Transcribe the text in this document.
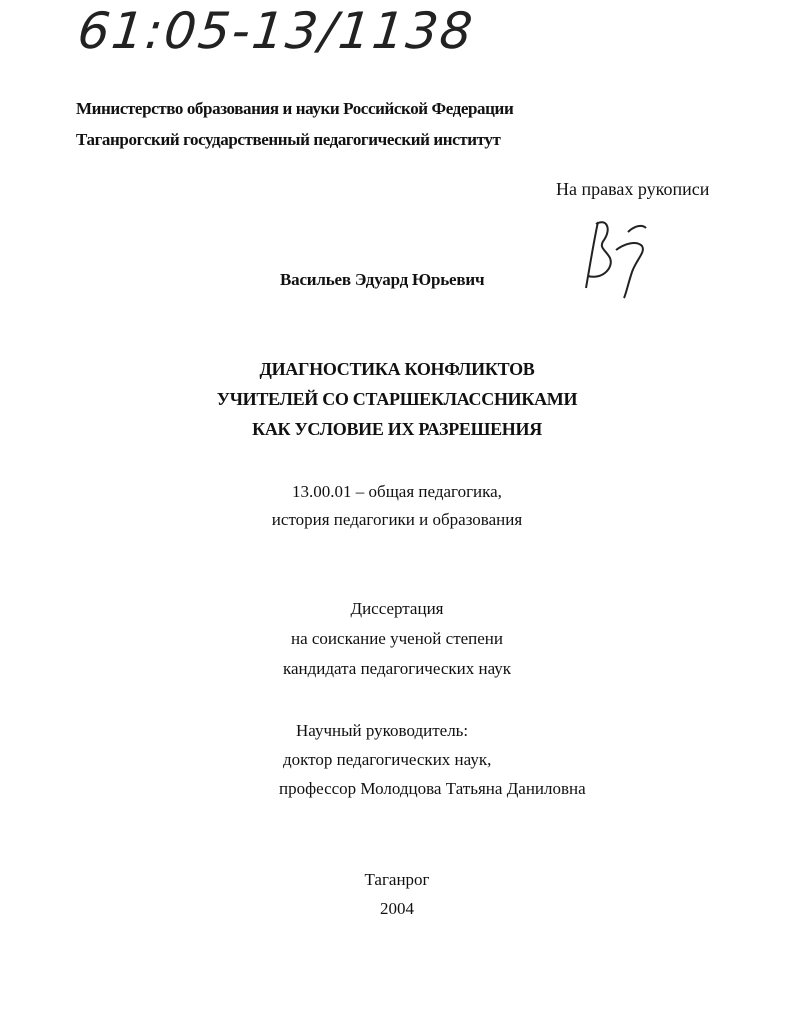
61:05-13/1138
Министерство образования и науки Российской Федерации
Таганрогский государственный педагогический институт
На правах рукописи
Васильев Эдуард Юрьевич
ДИАГНОСТИКА КОНФЛИКТОВ
УЧИТЕЛЕЙ СО СТАРШЕКЛАССНИКАМИ
КАК УСЛОВИЕ ИХ РАЗРЕШЕНИЯ
13.00.01 – общая педагогика,
история педагогики и образования
Диссертация
на соискание ученой степени
кандидата педагогических наук
Научный руководитель:
доктор педагогических наук,
профессор Молодцова Татьяна Даниловна
Таганрог
2004
